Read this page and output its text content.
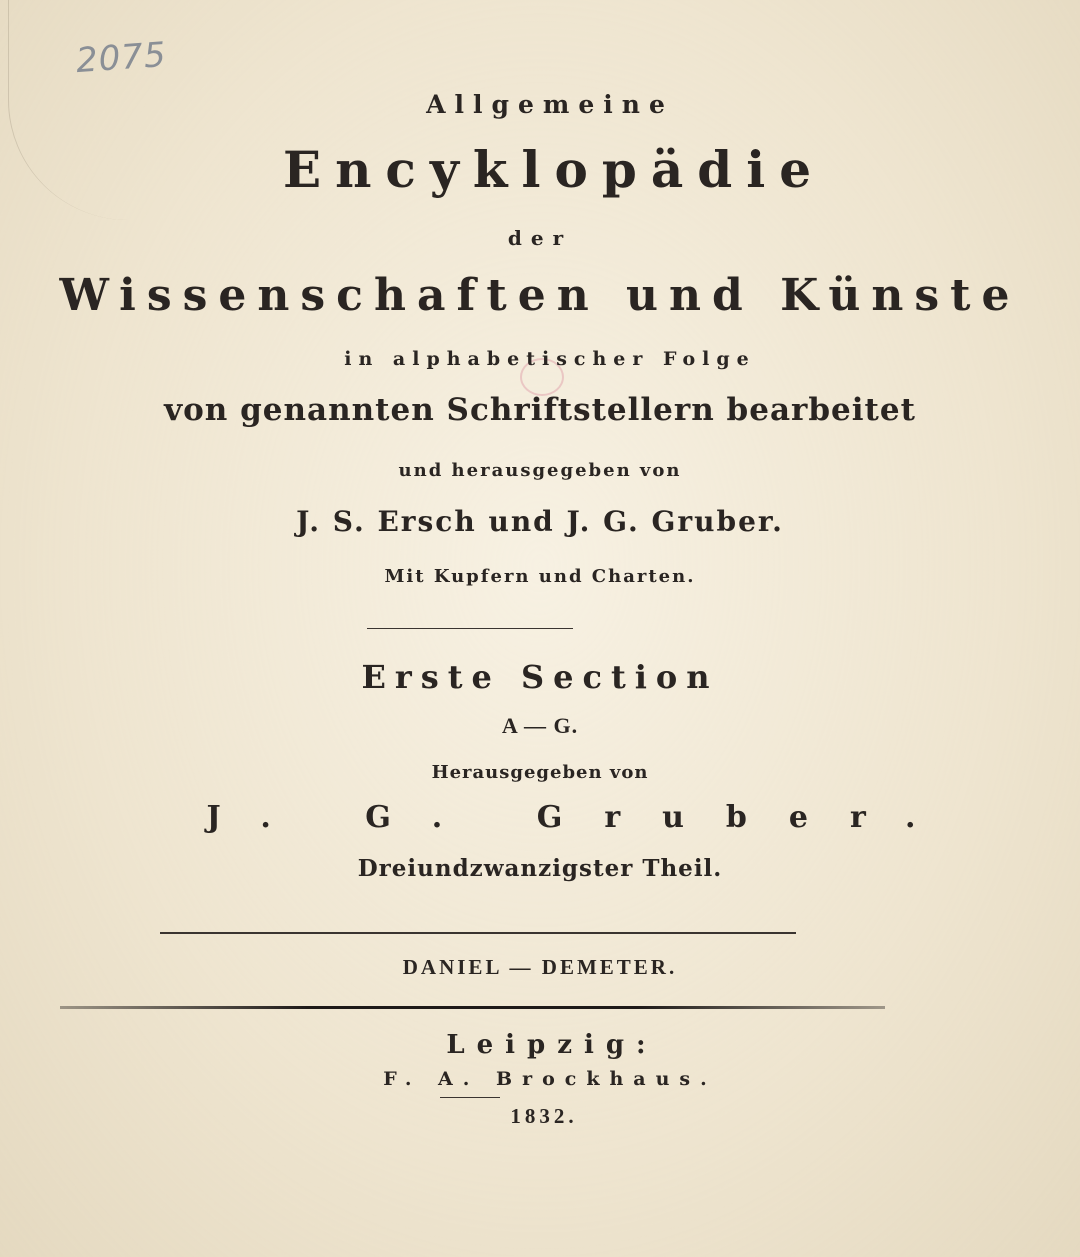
2075

Allgemeine

Encyklopädie

der

Wissenschaften und Künste

in alphabetischer Folge

von genannten Schriftstellern bearbeitet

und herausgegeben von

J. S. Ersch und J. G. Gruber.

Mit Kupfern und Charten.

Erste Section

A — G.

Herausgegeben von

J. G. Gruber.

Dreiundzwanzigster Theil.

DANIEL — DEMETER.

Leipzig:

F. A. Brockhaus.

1832.
